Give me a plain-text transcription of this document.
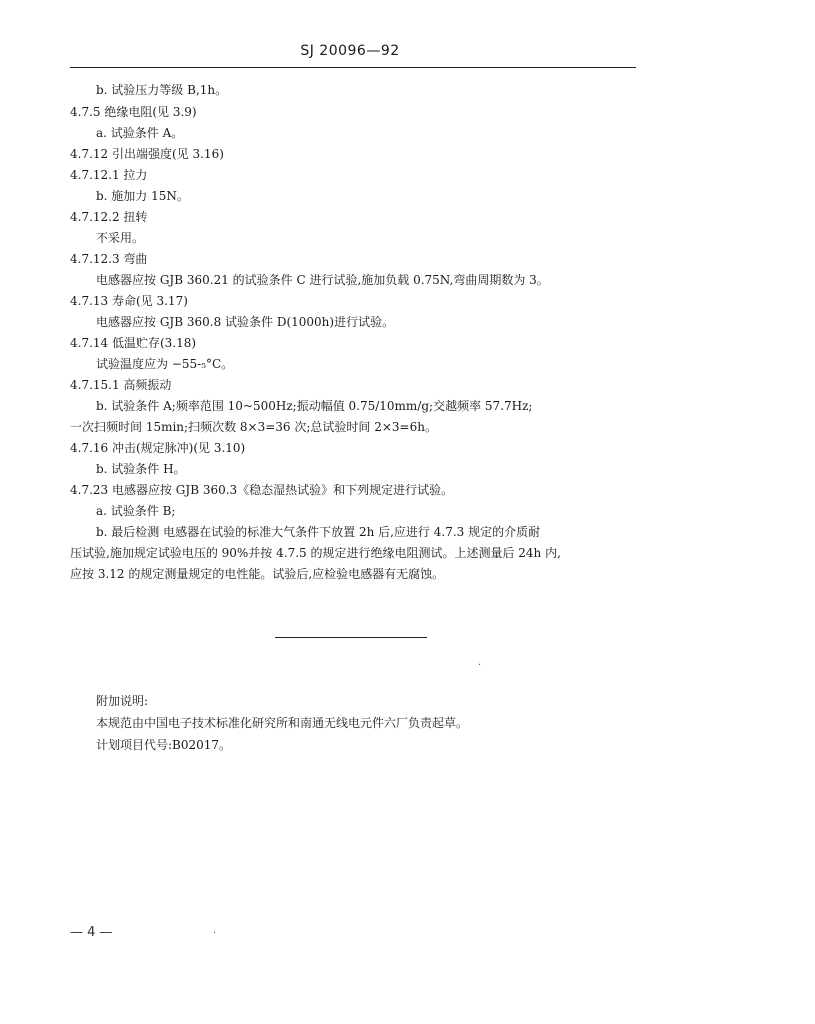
SJ 20096—92
b. 试验压力等级 B,1h。
4.7.5 绝缘电阻(见 3.9)
a. 试验条件 A。
4.7.12 引出端强度(见 3.16)
4.7.12.1 拉力
b. 施加力 15N。
4.7.12.2 扭转
不采用。
4.7.12.3 弯曲
电感器应按 GJB 360.21 的试验条件 C 进行试验,施加负载 0.75N,弯曲周期数为 3。
4.7.13 寿命(见 3.17)
电感器应按 GJB 360.8 试验条件 D(1000h)进行试验。
4.7.14 低温贮存(3.18)
试验温度应为 −55-₅°C。
4.7.15.1 高频振动
b. 试验条件 A;频率范围 10~500Hz;振动幅值 0.75/10mm/g;交越频率 57.7Hz;
一次扫频时间 15min;扫频次数 8×3=36 次;总试验时间 2×3=6h。
4.7.16 冲击(规定脉冲)(见 3.10)
b. 试验条件 H。
4.7.23 电感器应按 GJB 360.3《稳态湿热试验》和下列规定进行试验。
a. 试验条件 B;
b. 最后检测 电感器在试验的标准大气条件下放置 2h 后,应进行 4.7.3 规定的介质耐
压试验,施加规定试验电压的 90%并按 4.7.5 的规定进行绝缘电阻测试。上述测量后 24h 内,
应按 3.12 的规定测量规定的电性能。试验后,应检验电感器有无腐蚀。
·
附加说明:
本规范由中国电子技术标准化研究所和南通无线电元件六厂负责起草。
计划项目代号:B02017。
— 4 —	·
